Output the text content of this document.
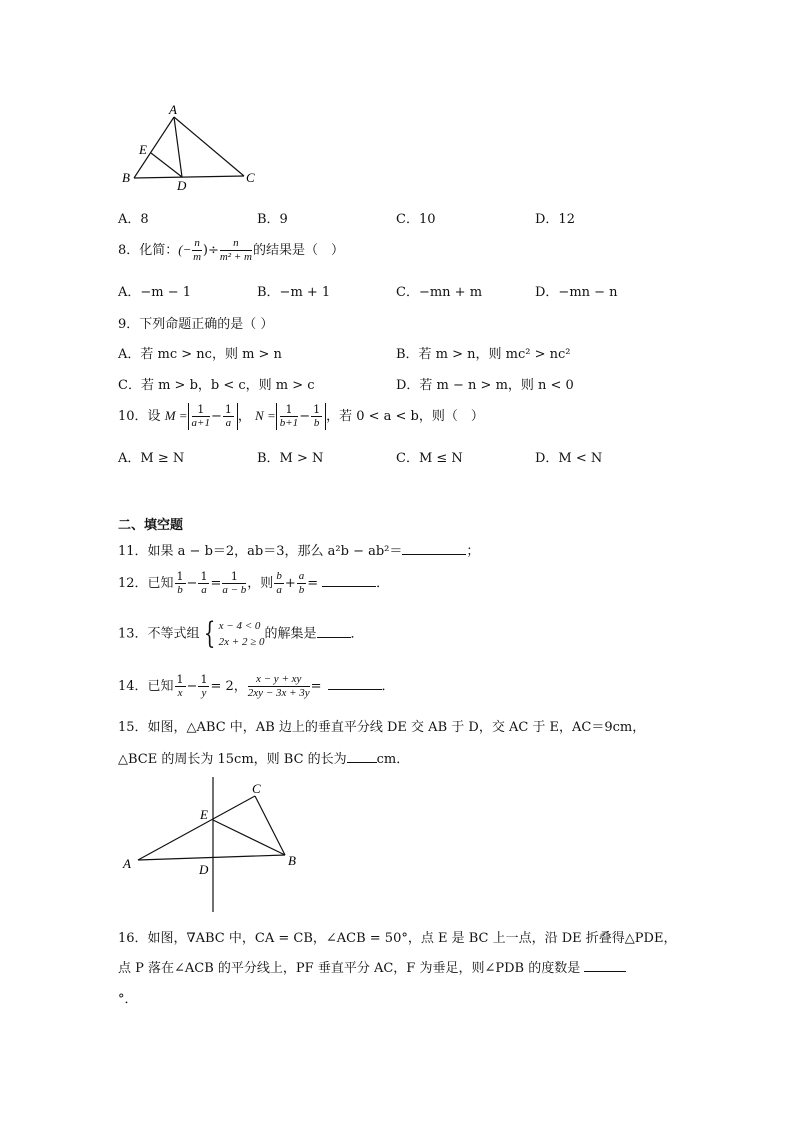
A
E
B
D
C
A．8	B．9	C．10	D．12
8．化简：(− $\frac{n}{m}$ )÷ $\frac{n}{\text{m² + m}}$ 的结果是（　）
A．−m − 1	B．−m + 1	C．−mn + m	D．−mn − n
9．下列命题正确的是（ ）
A．若 mc > nc，则 m > n	B．若 m > n，则 mc² > nc²
C．若 m > b，b < c，则 m > c	D．若 m − n > m，则 n < 0
10．设 $M = \frac{1}{a+1} - \frac{1}{a}$ ， $N = \frac{1}{b+1} - \frac{1}{b}$ ，若 0 < a < b，则（　）
A．M ≥ N	B．M > N	C．M ≤ N	D．M < N
二、填空题
11．如果 a − b＝2，ab＝3，那么 a²b − ab²＝	；
12．已知 $\frac{1}{b} - \frac{1}{a} = \frac{1}{a - b}$ ，则 $\frac{b}{a} + \frac{a}{b}$ =	．
13．不等式组 { x − 4 < 0
2x + 2 ≥ 0
的解集是	．
14．已知 $\frac{1}{x} - \frac{1}{y} = 2$， $\frac{x - y + xy}{2xy - 3x + 3y}$ =	．
15．如图，△ABC 中，AB 边上的垂直平分线 DE 交 AB 于 D，交 AC 于 E，AC＝9cm，
△BCE 的周长为 15cm，则 BC 的长为 cm．
A	B
C
D
E
16．如图，∇ABC 中，CA = CB，∠ACB = 50°，点 E 是 BC 上一点，沿 DE 折叠得△PDE，
点 P 落在∠ACB 的平分线上，PF 垂直平分 AC，F 为垂足，则∠PDB 的度数是
°．
